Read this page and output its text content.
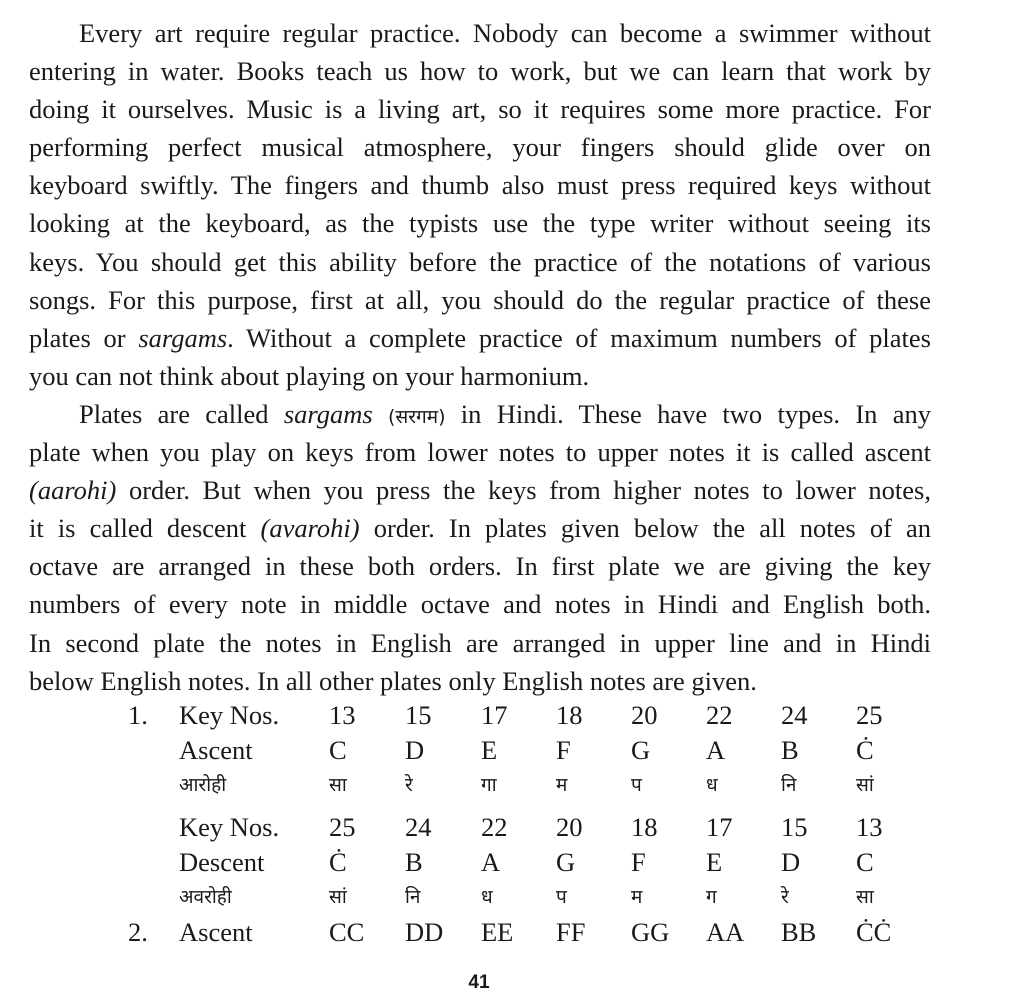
Every art require regular practice. Nobody can become a swimmer without
entering in water. Books teach us how to work, but we can learn that work by
doing it ourselves. Music is a living art, so it requires some more practice. For
performing perfect musical atmosphere, your fingers should glide over on
keyboard swiftly. The fingers and thumb also must press required keys without
looking at the keyboard, as the typists use the type writer without seeing its
keys. You should get this ability before the practice of the notations of various
songs. For this purpose, first at all, you should do the regular practice of these
plates or sargams. Without a complete practice of maximum numbers of plates
you can not think about playing on your harmonium.
Plates are called sargams (सरगम) in Hindi. These have two types. In any
plate when you play on keys from lower notes to upper notes it is called ascent
(aarohi) order. But when you press the keys from higher notes to lower notes,
it is called descent (avarohi) order. In plates given below the all notes of an
octave are arranged in these both orders. In first plate we are giving the key
numbers of every note in middle octave and notes in Hindi and English both.
In second plate the notes in English are arranged in upper line and in Hindi
below English notes. In all other plates only English notes are given.
1. Key Nos. 13 15 17 18 20 22 24 25
Ascent	C D E F G A B Ċ
आरोही	सा	रे	गा	म	प	ध	नि	सां
Key Nos. 25 24 22 20 18 17 15 13
Descent Ċ B A G F E D C
अवरोही	सां	नि	ध	प	म	ग	रे	सा
2. Ascent	CC DD EE FF GG AA BB ĊĊ
41
